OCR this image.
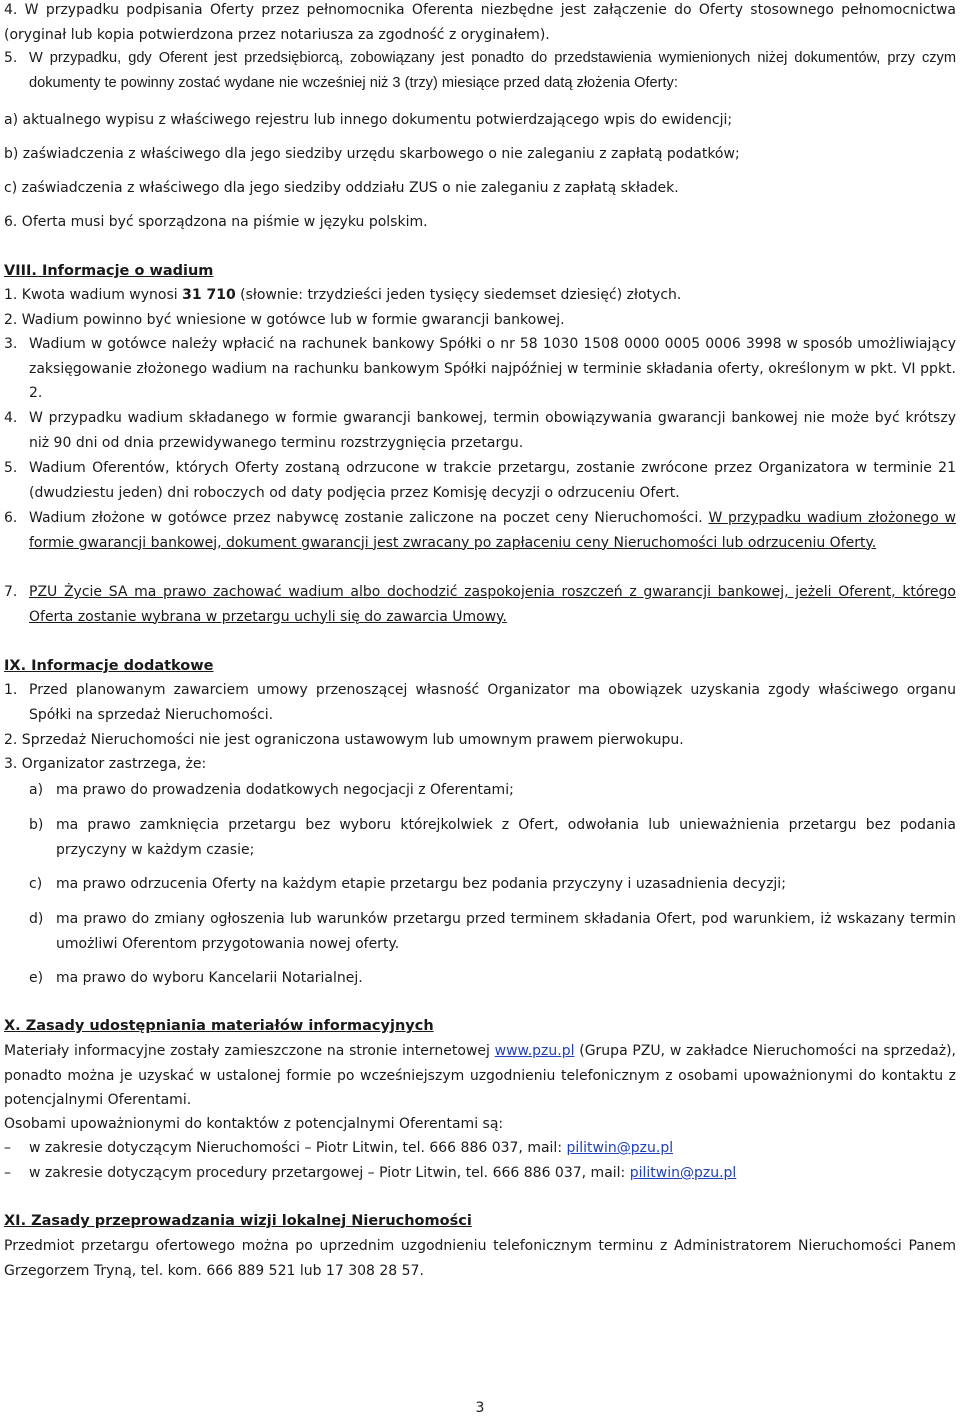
4. W przypadku podpisania Oferty przez pełnomocnika Oferenta niezbędne jest załączenie do Oferty stosownego pełnomocnictwa (oryginał lub kopia potwierdzona przez notariusza za zgodność z oryginałem).
5. W przypadku, gdy Oferent jest przedsiębiorcą, zobowiązany jest ponadto do przedstawienia wymienionych niżej dokumentów, przy czym dokumenty te powinny zostać wydane nie wcześniej niż 3 (trzy) miesiące przed datą złożenia Oferty:
a) aktualnego wypisu z właściwego rejestru lub innego dokumentu potwierdzającego wpis do ewidencji;
b) zaświadczenia z właściwego dla jego siedziby urzędu skarbowego o nie zaleganiu z zapłatą podatków;
c) zaświadczenia z właściwego dla jego siedziby oddziału ZUS o nie zaleganiu z zapłatą składek.
6. Oferta musi być sporządzona na piśmie w języku polskim.
VIII. Informacje o wadium
1. Kwota wadium wynosi 31 710 (słownie: trzydzieści jeden tysięcy siedemset dziesięć) złotych.
2. Wadium powinno być wniesione w gotówce lub w formie gwarancji bankowej.
3. Wadium w gotówce należy wpłacić na rachunek bankowy Spółki o nr 58 1030 1508 0000 0005 0006 3998 w sposób umożliwiający zaksięgowanie złożonego wadium na rachunku bankowym Spółki najpóźniej w terminie składania oferty, określonym w pkt. VI ppkt. 2.
4. W przypadku wadium składanego w formie gwarancji bankowej, termin obowiązywania gwarancji bankowej nie może być krótszy niż 90 dni od dnia przewidywanego terminu rozstrzygnięcia przetargu.
5. Wadium Oferentów, których Oferty zostaną odrzucone w trakcie przetargu, zostanie zwrócone przez Organizatora w terminie 21 (dwudziestu jeden) dni roboczych od daty podjęcia przez Komisję decyzji o odrzuceniu Ofert.
6. Wadium złożone w gotówce przez nabywcę zostanie zaliczone na poczet ceny Nieruchomości. W przypadku wadium złożonego w formie gwarancji bankowej, dokument gwarancji jest zwracany po zapłaceniu ceny Nieruchomości lub odrzuceniu Oferty.
7. PZU Życie SA ma prawo zachować wadium albo dochodzić zaspokojenia roszczeń z gwarancji bankowej, jeżeli Oferent, którego Oferta zostanie wybrana w przetargu uchyli się do zawarcia Umowy.
IX. Informacje dodatkowe
1. Przed planowanym zawarciem umowy przenoszącej własność Organizator ma obowiązek uzyskania zgody właściwego organu Spółki na sprzedaż Nieruchomości.
2. Sprzedaż Nieruchomości nie jest ograniczona ustawowym lub umownym prawem pierwokupu.
3. Organizator zastrzega, że:
a) ma prawo do prowadzenia dodatkowych negocjacji z Oferentami;
b) ma prawo zamknięcia przetargu bez wyboru którejkolwiek z Ofert, odwołania lub unieważnienia przetargu bez podania przyczyny w każdym czasie;
c) ma prawo odrzucenia Oferty na każdym etapie przetargu bez podania przyczyny i uzasadnienia decyzji;
d) ma prawo do zmiany ogłoszenia lub warunków przetargu przed terminem składania Ofert, pod warunkiem, iż wskazany termin umożliwi Oferentom przygotowania nowej oferty.
e) ma prawo do wyboru Kancelarii Notarialnej.
X. Zasady udostępniania materiałów informacyjnych
Materiały informacyjne zostały zamieszczone na stronie internetowej www.pzu.pl (Grupa PZU, w zakładce Nieruchomości na sprzedaż), ponadto można je uzyskać w ustalonej formie po wcześniejszym uzgodnieniu telefonicznym z osobami upoważnionymi do kontaktu z potencjalnymi Oferentami.
Osobami upoważnionymi do kontaktów z potencjalnymi Oferentami są:
– w zakresie dotyczącym Nieruchomości – Piotr Litwin, tel. 666 886 037, mail: pilitwin@pzu.pl
– w zakresie dotyczącym procedury przetargowej – Piotr Litwin, tel. 666 886 037, mail: pilitwin@pzu.pl
XI. Zasady przeprowadzania wizji lokalnej Nieruchomości
Przedmiot przetargu ofertowego można po uprzednim uzgodnieniu telefonicznym terminu z Administratorem Nieruchomości Panem Grzegorzem Tryną, tel. kom. 666 889 521 lub 17 308 28 57.
3
